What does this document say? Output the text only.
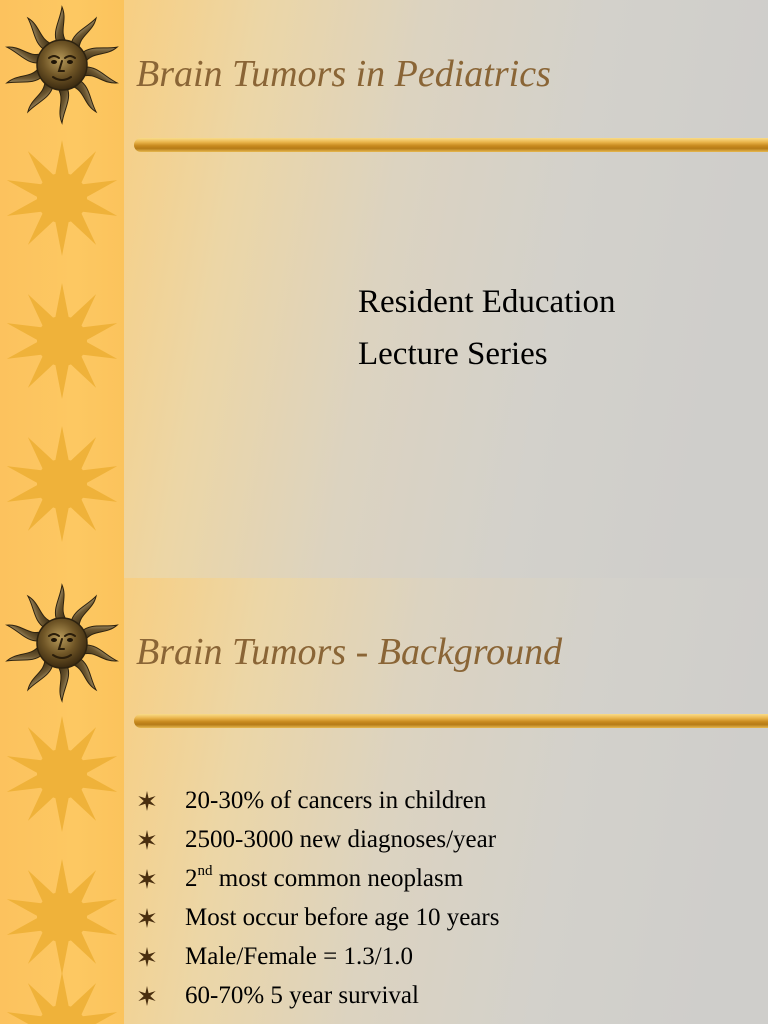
Brain Tumors in Pediatrics
Resident Education
Lecture Series
Brain Tumors - Background
20-30% of cancers in children
2500-3000 new diagnoses/year
2nd most common neoplasm
Most occur before age 10 years
Male/Female = 1.3/1.0
60-70% 5 year survival
